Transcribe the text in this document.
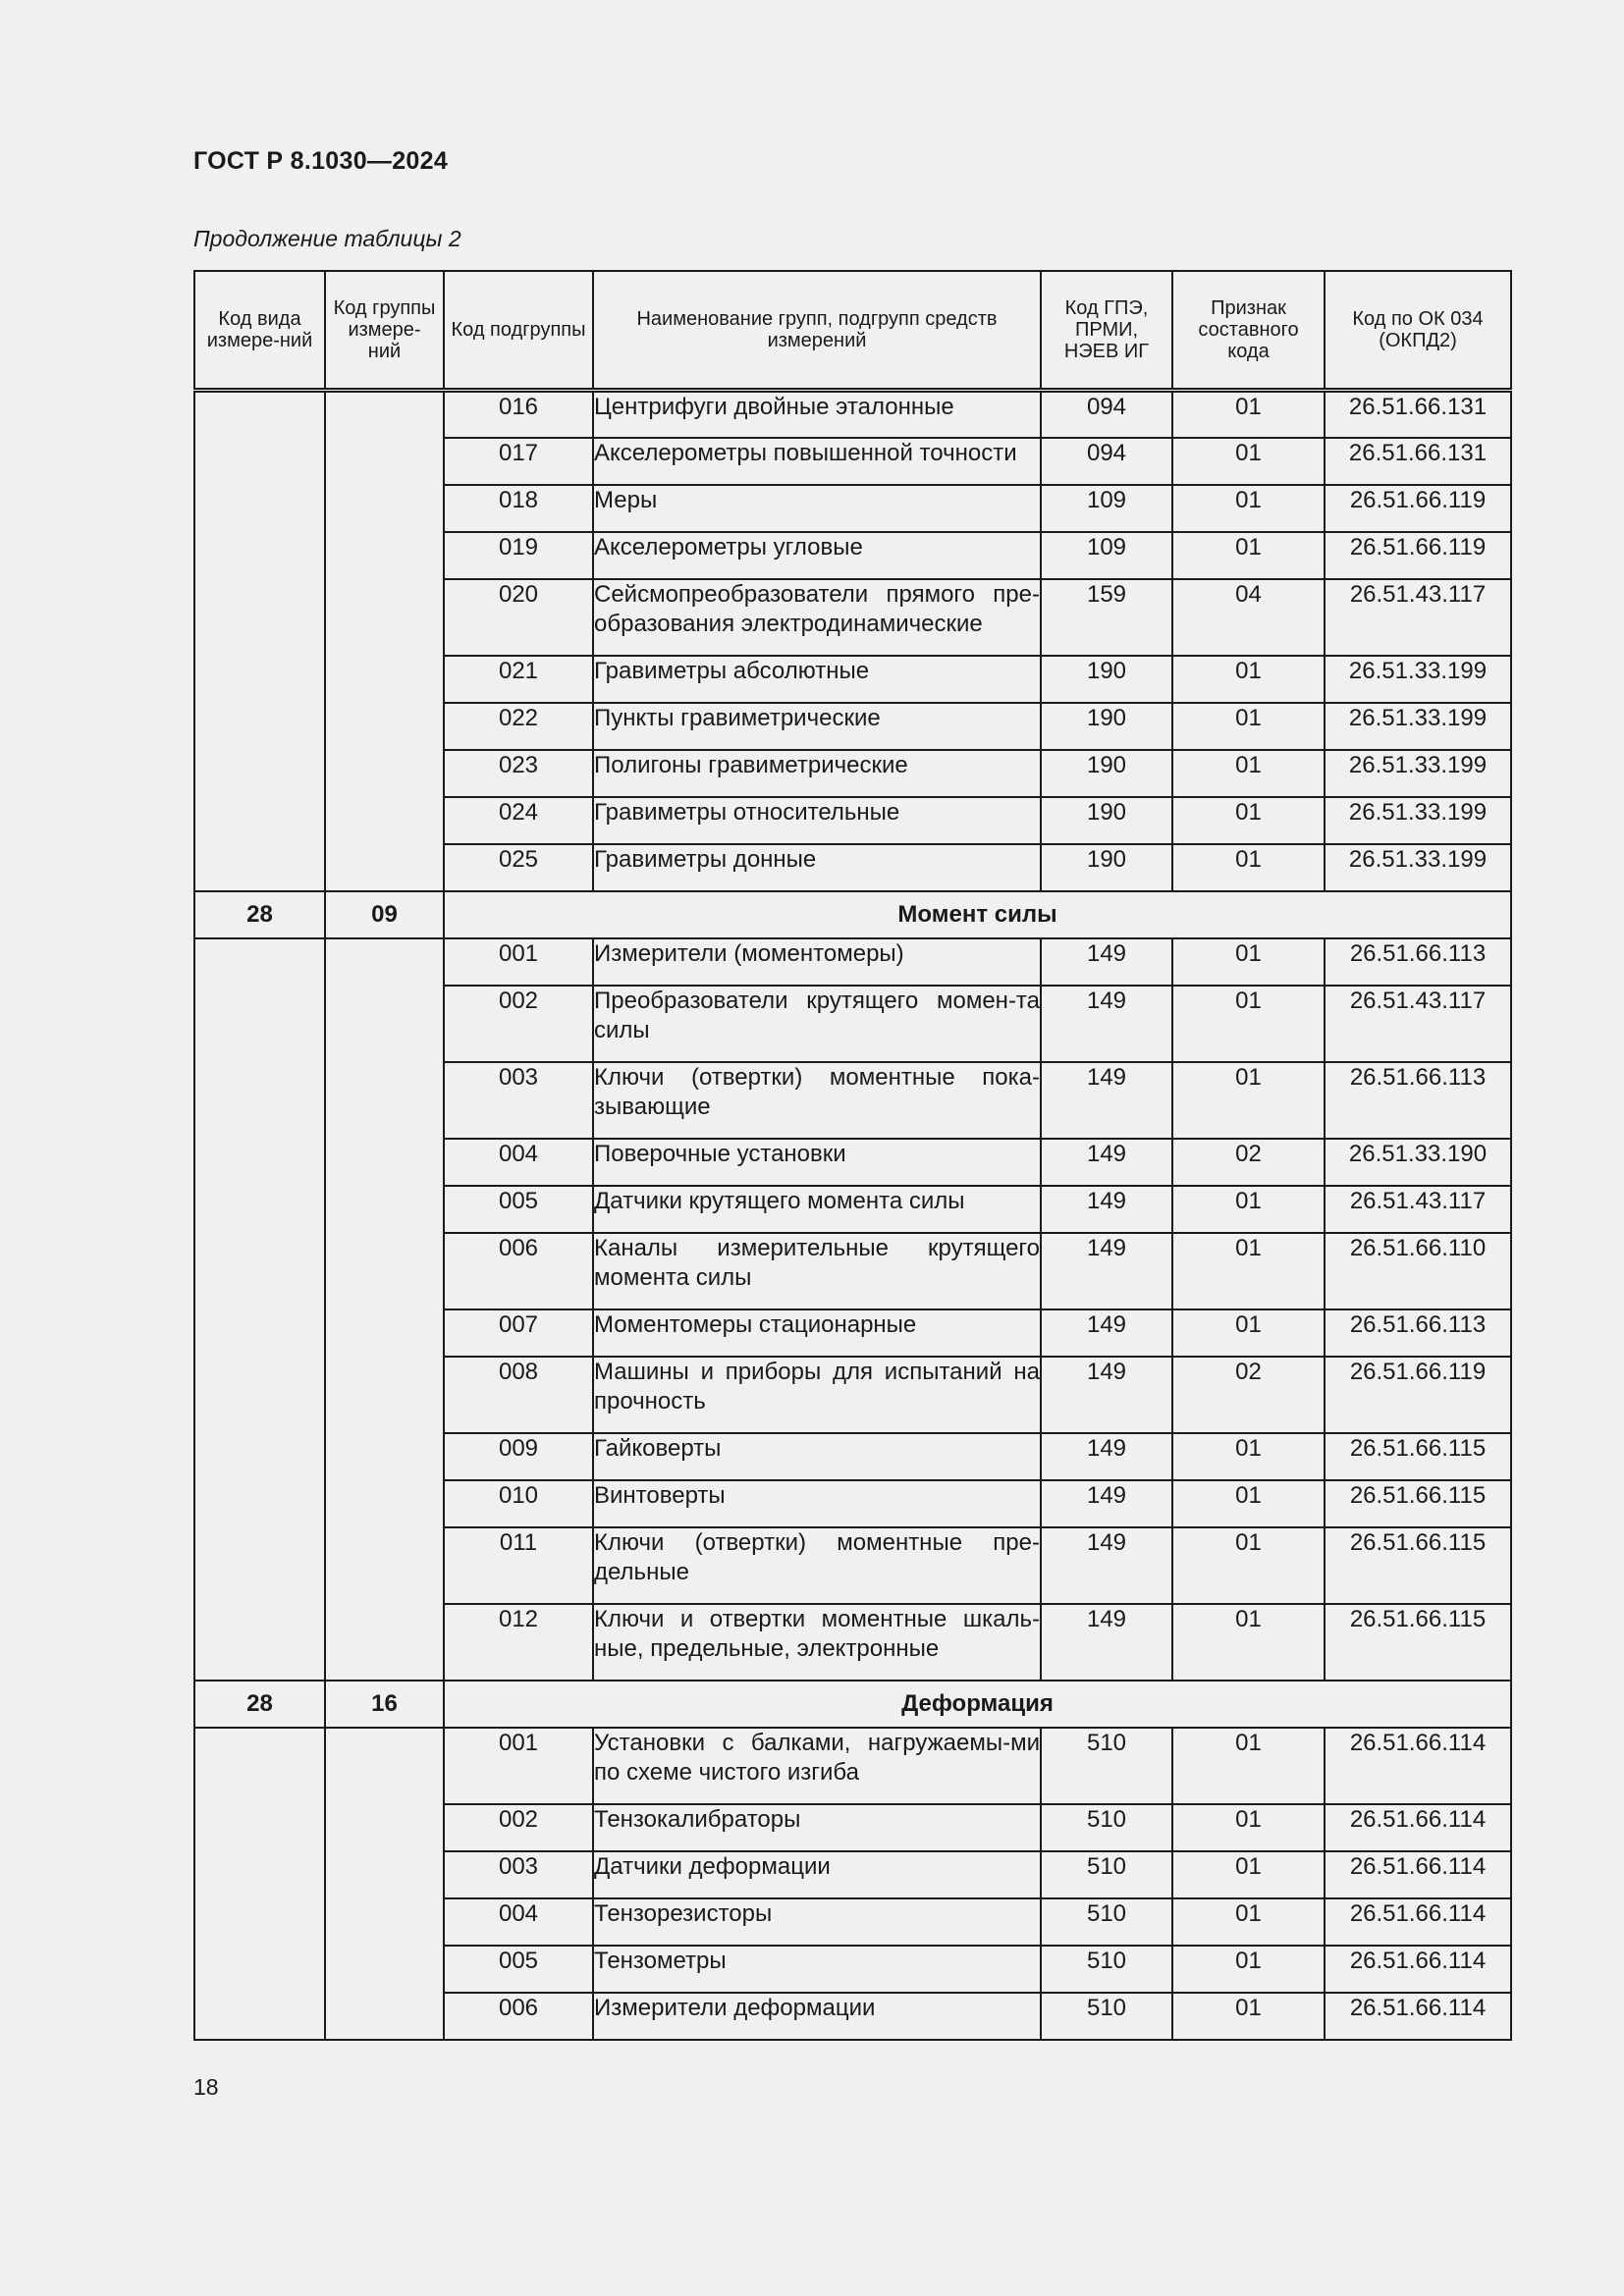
ГОСТ Р 8.1030—2024
Продолжение таблицы 2
Код вида измере-ний	Код группы измере-ний	Код подгруппы	Наименование групп, подгрупп средств измерений	Код ГПЭ, ПРМИ, НЭЕВ ИГ	Признак составного кода	Код по ОК 034 (ОКПД2)
		016	Центрифуги двойные эталонные	094	01	26.51.66.131
		017	Акселерометры повышенной точности	094	01	26.51.66.131
		018	Меры	109	01	26.51.66.119
		019	Акселерометры угловые	109	01	26.51.66.119
		020	Сейсмопреобразователи прямого пре-образования электродинамические	159	04	26.51.43.117
		021	Гравиметры абсолютные	190	01	26.51.33.199
		022	Пункты гравиметрические	190	01	26.51.33.199
		023	Полигоны гравиметрические	190	01	26.51.33.199
		024	Гравиметры относительные	190	01	26.51.33.199
		025	Гравиметры донные	190	01	26.51.33.199
28	09	Момент силы				
		001	Измерители (моментомеры)	149	01	26.51.66.113
		002	Преобразователи крутящего момен-та силы	149	01	26.51.43.117
		003	Ключи (отвертки) моментные пока-зывающие	149	01	26.51.66.113
		004	Поверочные установки	149	02	26.51.33.190
		005	Датчики крутящего момента силы	149	01	26.51.43.117
		006	Каналы измерительные крутящего момента силы	149	01	26.51.66.110
		007	Моментомеры стационарные	149	01	26.51.66.113
		008	Машины и приборы для испытаний на прочность	149	02	26.51.66.119
		009	Гайковерты	149	01	26.51.66.115
		010	Винтоверты	149	01	26.51.66.115
		011	Ключи (отвертки) моментные пре-дельные	149	01	26.51.66.115
		012	Ключи и отвертки моментные шкаль-ные, предельные, электронные	149	01	26.51.66.115
28	16	Деформация				
		001	Установки с балками, нагружаемы-ми по схеме чистого изгиба	510	01	26.51.66.114
		002	Тензокалибраторы	510	01	26.51.66.114
		003	Датчики деформации	510	01	26.51.66.114
		004	Тензорезисторы	510	01	26.51.66.114
		005	Тензометры	510	01	26.51.66.114
		006	Измерители деформации	510	01	26.51.66.114
18
